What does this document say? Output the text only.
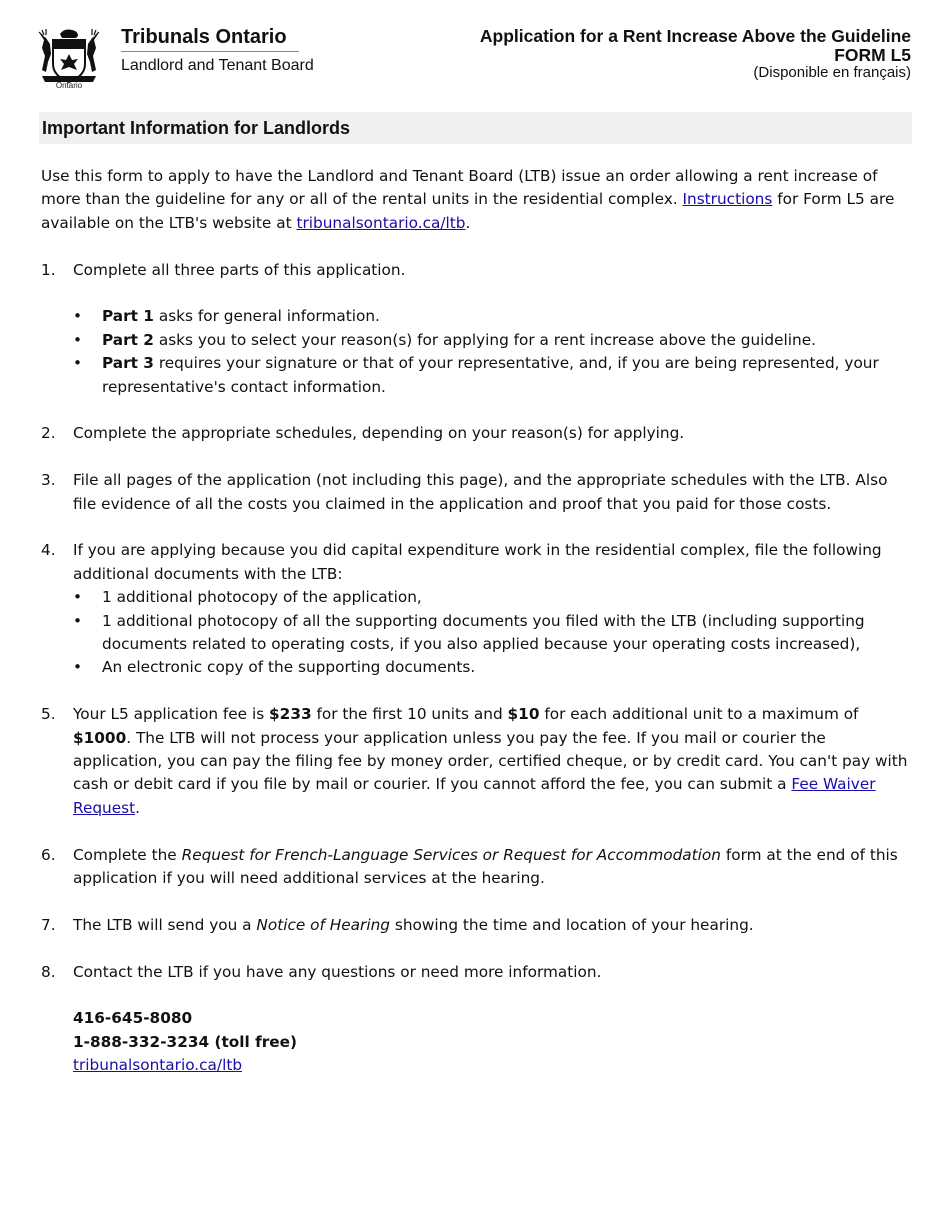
Ontario
Tribunals Ontario
Landlord and Tenant Board
Application for a Rent Increase Above the Guideline
FORM L5
(Disponible en français)
Important Information for Landlords

Use this form to apply to have the Landlord and Tenant Board (LTB) issue an order allowing a rent increase of more than the guideline for any or all of the rental units in the residential complex. Instructions for Form L5 are available on the LTB's website at tribunalsontario.ca/ltb.

1. Complete all three parts of this application.
• Part 1 asks for general information.
• Part 2 asks you to select your reason(s) for applying for a rent increase above the guideline.
• Part 3 requires your signature or that of your representative, and, if you are being represented, your representative's contact information.
2. Complete the appropriate schedules, depending on your reason(s) for applying.
3. File all pages of the application (not including this page), and the appropriate schedules with the LTB. Also file evidence of all the costs you claimed in the application and proof that you paid for those costs.
4. If you are applying because you did capital expenditure work in the residential complex, file the following additional documents with the LTB:
• 1 additional photocopy of the application,
• 1 additional photocopy of all the supporting documents you filed with the LTB (including supporting documents related to operating costs, if you also applied because your operating costs increased),
• An electronic copy of the supporting documents.
5. Your L5 application fee is $233 for the first 10 units and $10 for each additional unit to a maximum of $1000. The LTB will not process your application unless you pay the fee. If you mail or courier the application, you can pay the filing fee by money order, certified cheque, or by credit card. You can't pay with cash or debit card if you file by mail or courier. If you cannot afford the fee, you can submit a Fee Waiver Request.
6. Complete the Request for French-Language Services or Request for Accommodation form at the end of this application if you will need additional services at the hearing.
7. The LTB will send you a Notice of Hearing showing the time and location of your hearing.
8. Contact the LTB if you have any questions or need more information.
416-645-8080
1-888-332-3234 (toll free)
tribunalsontario.ca/ltb
